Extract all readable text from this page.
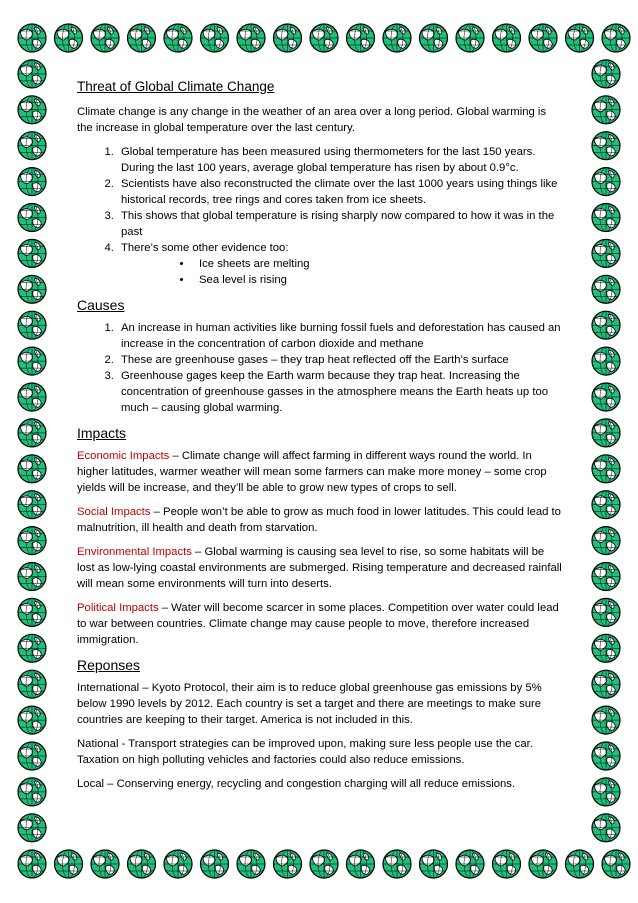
Threat of Global Climate Change

Climate change is any change in the weather of an area over a long period. Global warming is the increase in global temperature over the last century.

1. Global temperature has been measured using thermometers for the last 150 years. During the last 100 years, average global temperature has risen by about 0.9°c.
2. Scientists have also reconstructed the climate over the last 1000 years using things like historical records, tree rings and cores taken from ice sheets.
3. This shows that global temperature is rising sharply now compared to how it was in the past
4. There’s some other evidence too:
• Ice sheets are melting
• Sea level is rising
Causes
1. An increase in human activities like burning fossil fuels and deforestation has caused an increase in the concentration of carbon dioxide and methane
2. These are greenhouse gases – they trap heat reflected off the Earth’s surface
3. Greenhouse gages keep the Earth warm because they trap heat. Increasing the concentration of greenhouse gasses in the atmosphere means the Earth heats up too much – causing global warming.
Impacts

Economic Impacts – Climate change will affect farming in different ways round the world. In higher latitudes, warmer weather will mean some farmers can make more money – some crop yields will be increase, and they’ll be able to grow new types of crops to sell.

Social Impacts – People won’t be able to grow as much food in lower latitudes. This could lead to malnutrition, ill health and death from starvation.

Environmental Impacts – Global warming is causing sea level to rise, so some habitats will be lost as low-lying coastal environments are submerged. Rising temperature and decreased rainfall will mean some environments will turn into deserts.

Political Impacts – Water will become scarcer in some places. Competition over water could lead to war between countries. Climate change may cause people to move, therefore increased immigration.

Reponses

International – Kyoto Protocol, their aim is to reduce global greenhouse gas emissions by 5% below 1990 levels by 2012. Each country is set a target and there are meetings to make sure countries are keeping to their target. America is not included in this.

National - Transport strategies can be improved upon, making sure less people use the car. Taxation on high polluting vehicles and factories could also reduce emissions.

Local – Conserving energy, recycling and congestion charging will all reduce emissions.
